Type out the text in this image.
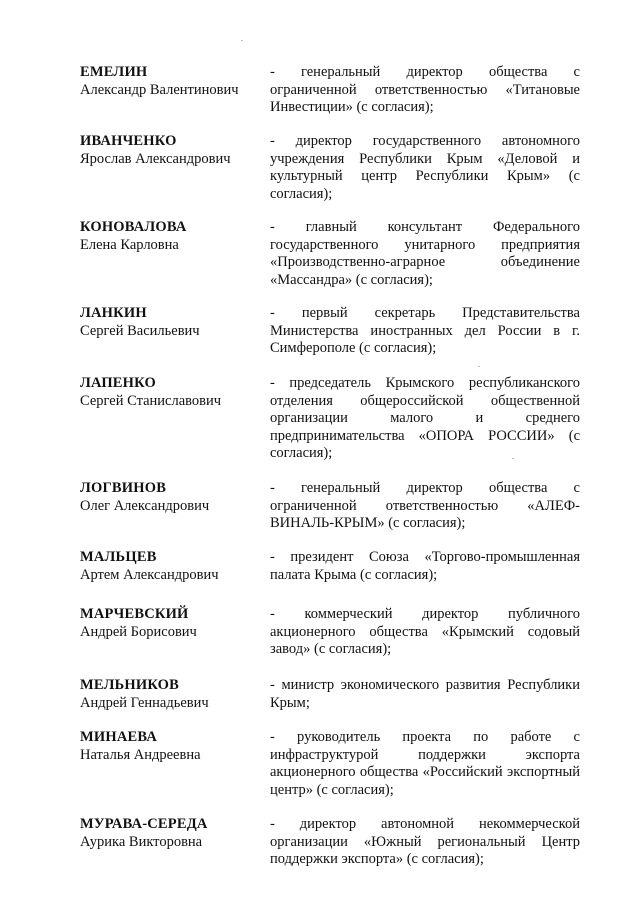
ЕМЕЛИН
Александр Валентинович
- генеральный директор общества с ограниченной ответственностью «Титановые Инвестиции» (с согласия);
ИВАНЧЕНКО
Ярослав Александрович
- директор государственного автономного учреждения Республики Крым «Деловой и культурный центр Республики Крым» (с согласия);
КОНОВАЛОВА
Елена Карловна
- главный консультант Федерального государственного унитарного предприятия «Производственно-аграрное объединение «Массандра» (с согласия);
ЛАНКИН
Сергей Васильевич
- первый секретарь Представительства Министерства иностранных дел России в г. Симферополе (с согласия);
ЛАПЕНКО
Сергей Станиславович
- председатель Крымского республиканского отделения общероссийской общественной организации малого и среднего предпринимательства «ОПОРА РОССИИ» (с согласия);
ЛОГВИНОВ
Олег Александрович
- генеральный директор общества с ограниченной ответственностью «АЛЕФ-ВИНАЛЬ-КРЫМ» (с согласия);
МАЛЬЦЕВ
Артем Александрович
- президент Союза «Торгово-промышленная палата Крыма (с согласия);
МАРЧЕВСКИЙ
Андрей Борисович
- коммерческий директор публичного акционерного общества «Крымский содовый завод» (с согласия);
МЕЛЬНИКОВ
Андрей Геннадьевич
- министр экономического развития Республики Крым;
МИНАЕВА
Наталья Андреевна
- руководитель проекта по работе с инфраструктурой поддержки экспорта акционерного общества «Российский экспортный центр» (с согласия);
МУРАВА-СЕРЕДА
Аурика Викторовна
- директор автономной некоммерческой организации «Южный региональный Центр поддержки экспорта» (с согласия);
